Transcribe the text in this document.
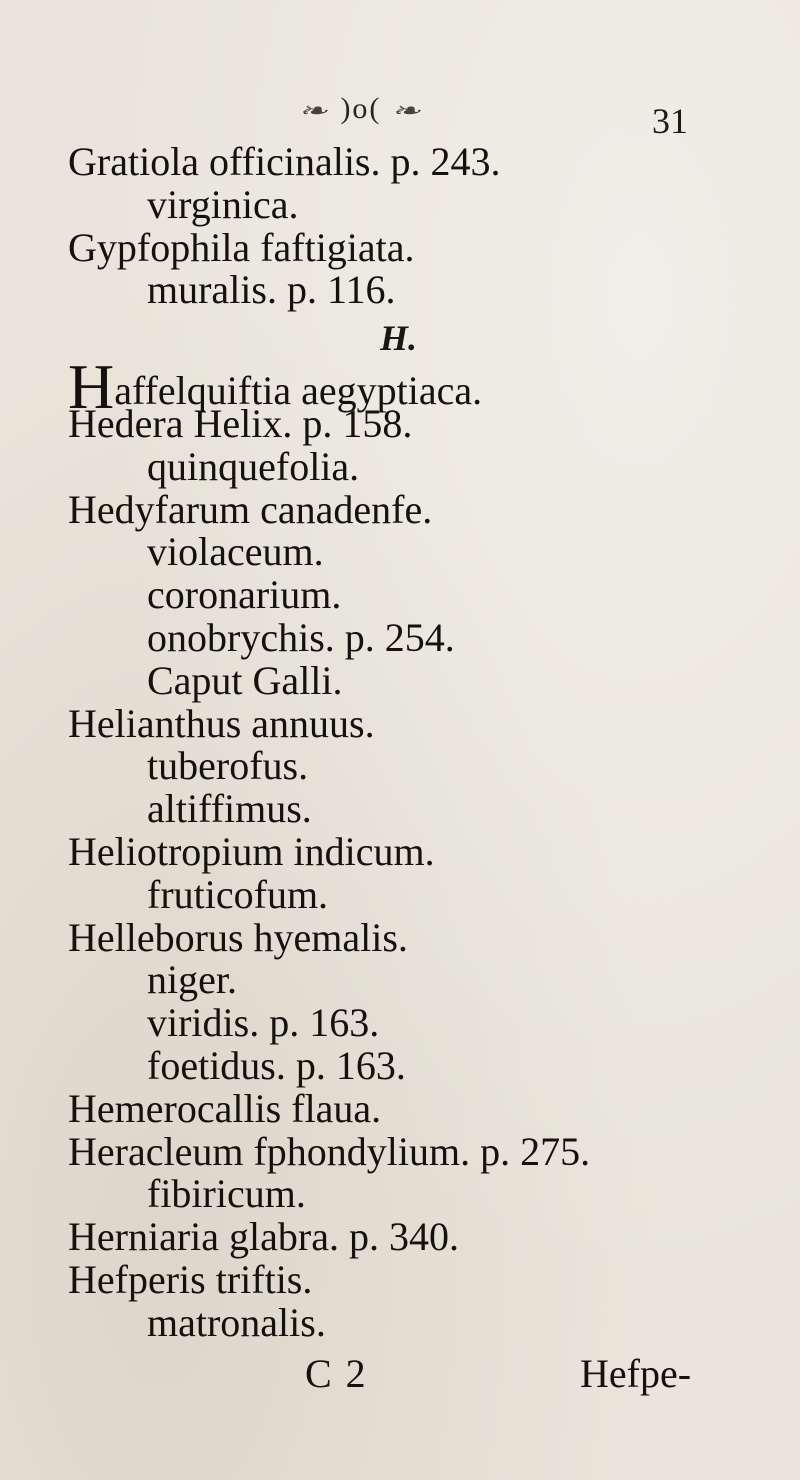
❧ )o( ❧	31
H.
Gratiola officinalis. p. 243.
virginica.
Gypfophila faftigiata.
muralis. p. 116.
Haffelquiftia aegyptiaca.
Hedera Helix. p. 158.
quinquefolia.
Hedyfarum canadenfe.
violaceum.
coronarium.
onobrychis. p. 254.
Caput Galli.
Helianthus annuus.
tuberofus.
altiffimus.
Heliotropium indicum.
fruticofum.
Helleborus hyemalis.
niger.
viridis. p. 163.
foetidus. p. 163.
Hemerocallis flaua.
Heracleum fphondylium. p. 275.
fibiricum.
Herniaria glabra. p. 340.
Hefperis triftis.
matronalis.
C 2	Hefpe-
